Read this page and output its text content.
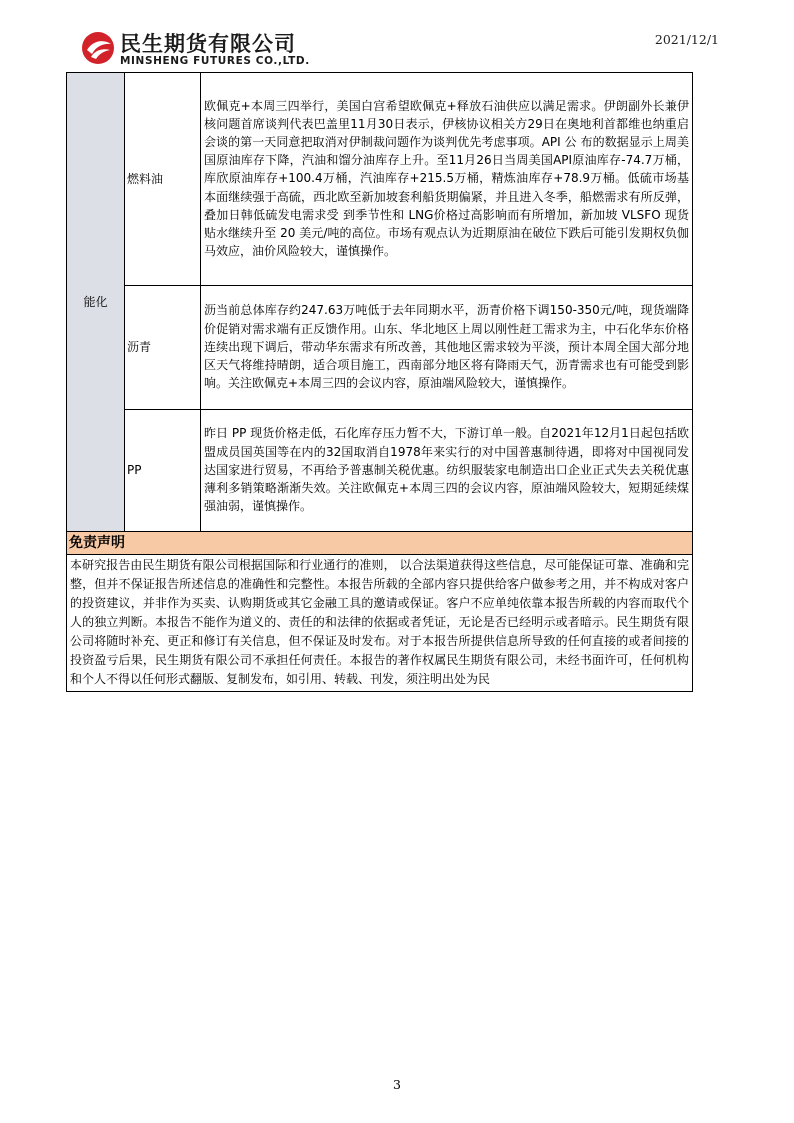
民生期货有限公司
MINSHENG FUTURES CO.,LTD.
2021/12/1
能化	燃料油	欧佩克+本周三四举行，美国白宫希望欧佩克+释放石油供应以满足需求。伊朗副外长兼伊核问题首席谈判代表巴盖里11月30日表示，伊核协议相关方29日在奥地利首都维也纳重启会谈的第一天同意把取消对伊制裁问题作为谈判优先考虑事项。API 公 布的数据显示上周美国原油库存下降，汽油和馏分油库存上升。至11月26日当周美国API原油库存-74.7万桶，库欣原油库存+100.4万桶，汽油库存+215.5万桶，精炼油库存+78.9万桶。低硫市场基本面继续强于高硫，西北欧至新加坡套利船货期偏紧，并且进入冬季，船燃需求有所反弹，叠加日韩低硫发电需求受 到季节性和 LNG价格过高影响而有所增加，新加坡 VLSFO 现货贴水继续升至 20 美元/吨的高位。市场有观点认为近期原油在破位下跌后可能引发期权负伽马效应，油价风险较大，谨慎操作。

	沥青	沥当前总体库存约247.63万吨低于去年同期水平，沥青价格下调150-350元/吨，现货端降价促销对需求端有正反馈作用。山东、华北地区上周以刚性赶工需求为主，中石化华东价格连续出现下调后，带动华东需求有所改善，其他地区需求较为平淡，预计本周全国大部分地区天气将维持晴朗，适合项目施工，西南部分地区将有降雨天气，沥青需求也有可能受到影响。关注欧佩克+本周三四的会议内容，原油端风险较大，谨慎操作。

	PP	昨日 PP 现货价格走低，石化库存压力暂不大，下游订单一般。自2021年12月1日起包括欧盟成员国英国等在内的32国取消自1978年来实行的对中国普惠制待遇，即将对中国视同发达国家进行贸易，不再给予普惠制关税优惠。纺织服装家电制造出口企业正式失去关税优惠薄利多销策略渐渐失效。关注欧佩克+本周三四的会议内容，原油端风险较大，短期延续煤强油弱，谨慎操作。

免责声明		
本研究报告由民生期货有限公司根据国际和行业通行的准则， 以合法渠道获得这些信息，尽可能保证可靠、准确和完整，但并不保证报告所述信息的准确性和完整性。本报告所载的全部内容只提供给客户做参考之用，并不构成对客户的投资建议，并非作为买卖、认购期货或其它金融工具的邀请或保证。客户不应单纯依靠本报告所载的内容而取代个人的独立判断。本报告不能作为道义的、责任的和法律的依据或者凭证，无论是否已经明示或者暗示。民生期货有限公司将随时补充、更正和修订有关信息，但不保证及时发布。对于本报告所提供信息所导致的任何直接的或者间接的投资盈亏后果，民生期货有限公司不承担任何责任。本报告的著作权属民生期货有限公司，未经书面许可，任何机构和个人不得以任何形式翻版、复制发布，如引用、转载、刊发，须注明出处为民		
3
